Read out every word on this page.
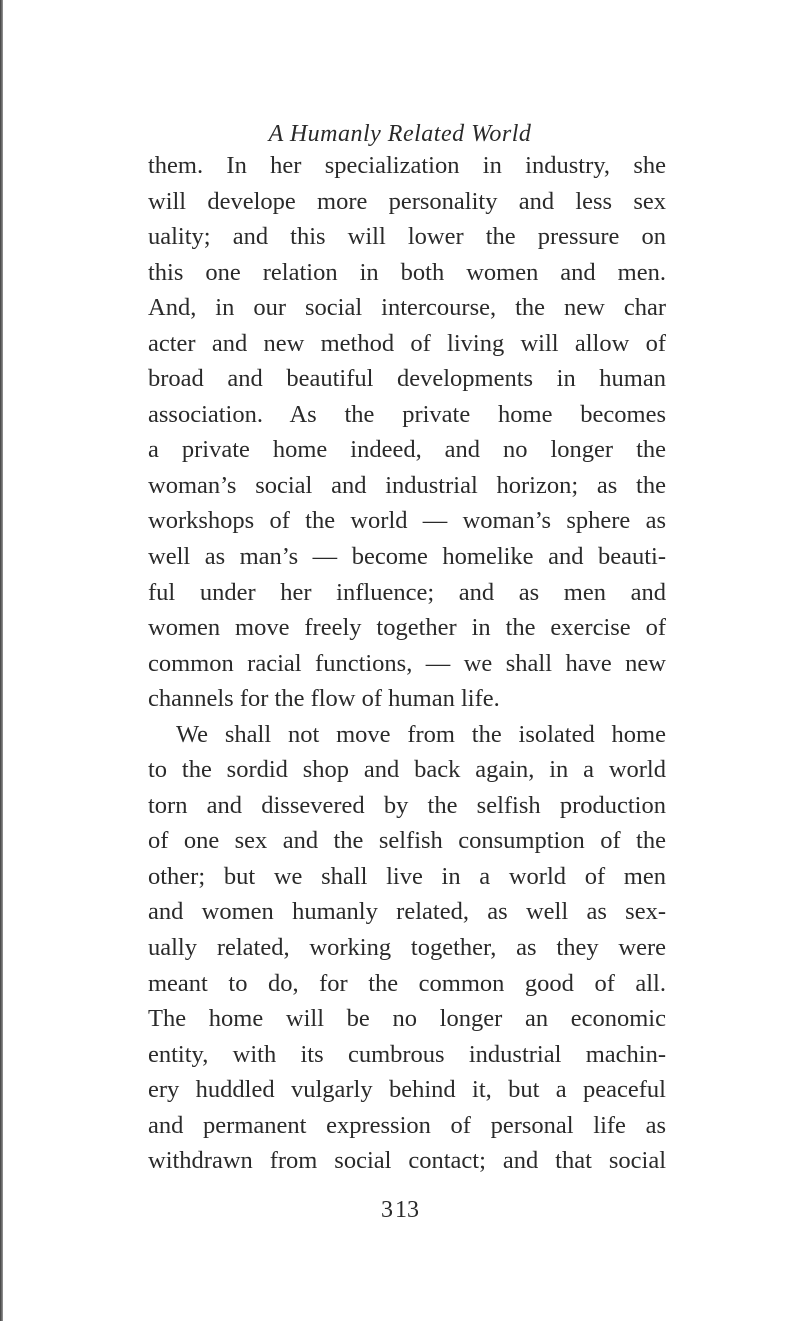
A Humanly Related World
them. In her specialization in industry, she
will develope more personality and less sex
uality; and this will lower the pressure on
this one relation in both women and men.
And, in our social intercourse, the new char
acter and new method of living will allow of
broad and beautiful developments in human
association. As the private home becomes
a private home indeed, and no longer the
woman’s social and industrial horizon; as the
workshops of the world — woman’s sphere as
well as man’s — become homelike and beauti-
ful under her influence; and as men and
women move freely together in the exercise of
common racial functions, — we shall have new
channels for the flow of human life.
We shall not move from the isolated home
to the sordid shop and back again, in a world
torn and dissevered by the selfish production
of one sex and the selfish consumption of the
other; but we shall live in a world of men
and women humanly related, as well as sex-
ually related, working together, as they were
meant to do, for the common good of all.
The home will be no longer an economic
entity, with its cumbrous industrial machin-
ery huddled vulgarly behind it, but a peaceful
and permanent expression of personal life as
withdrawn from social contact; and that social
3 13
